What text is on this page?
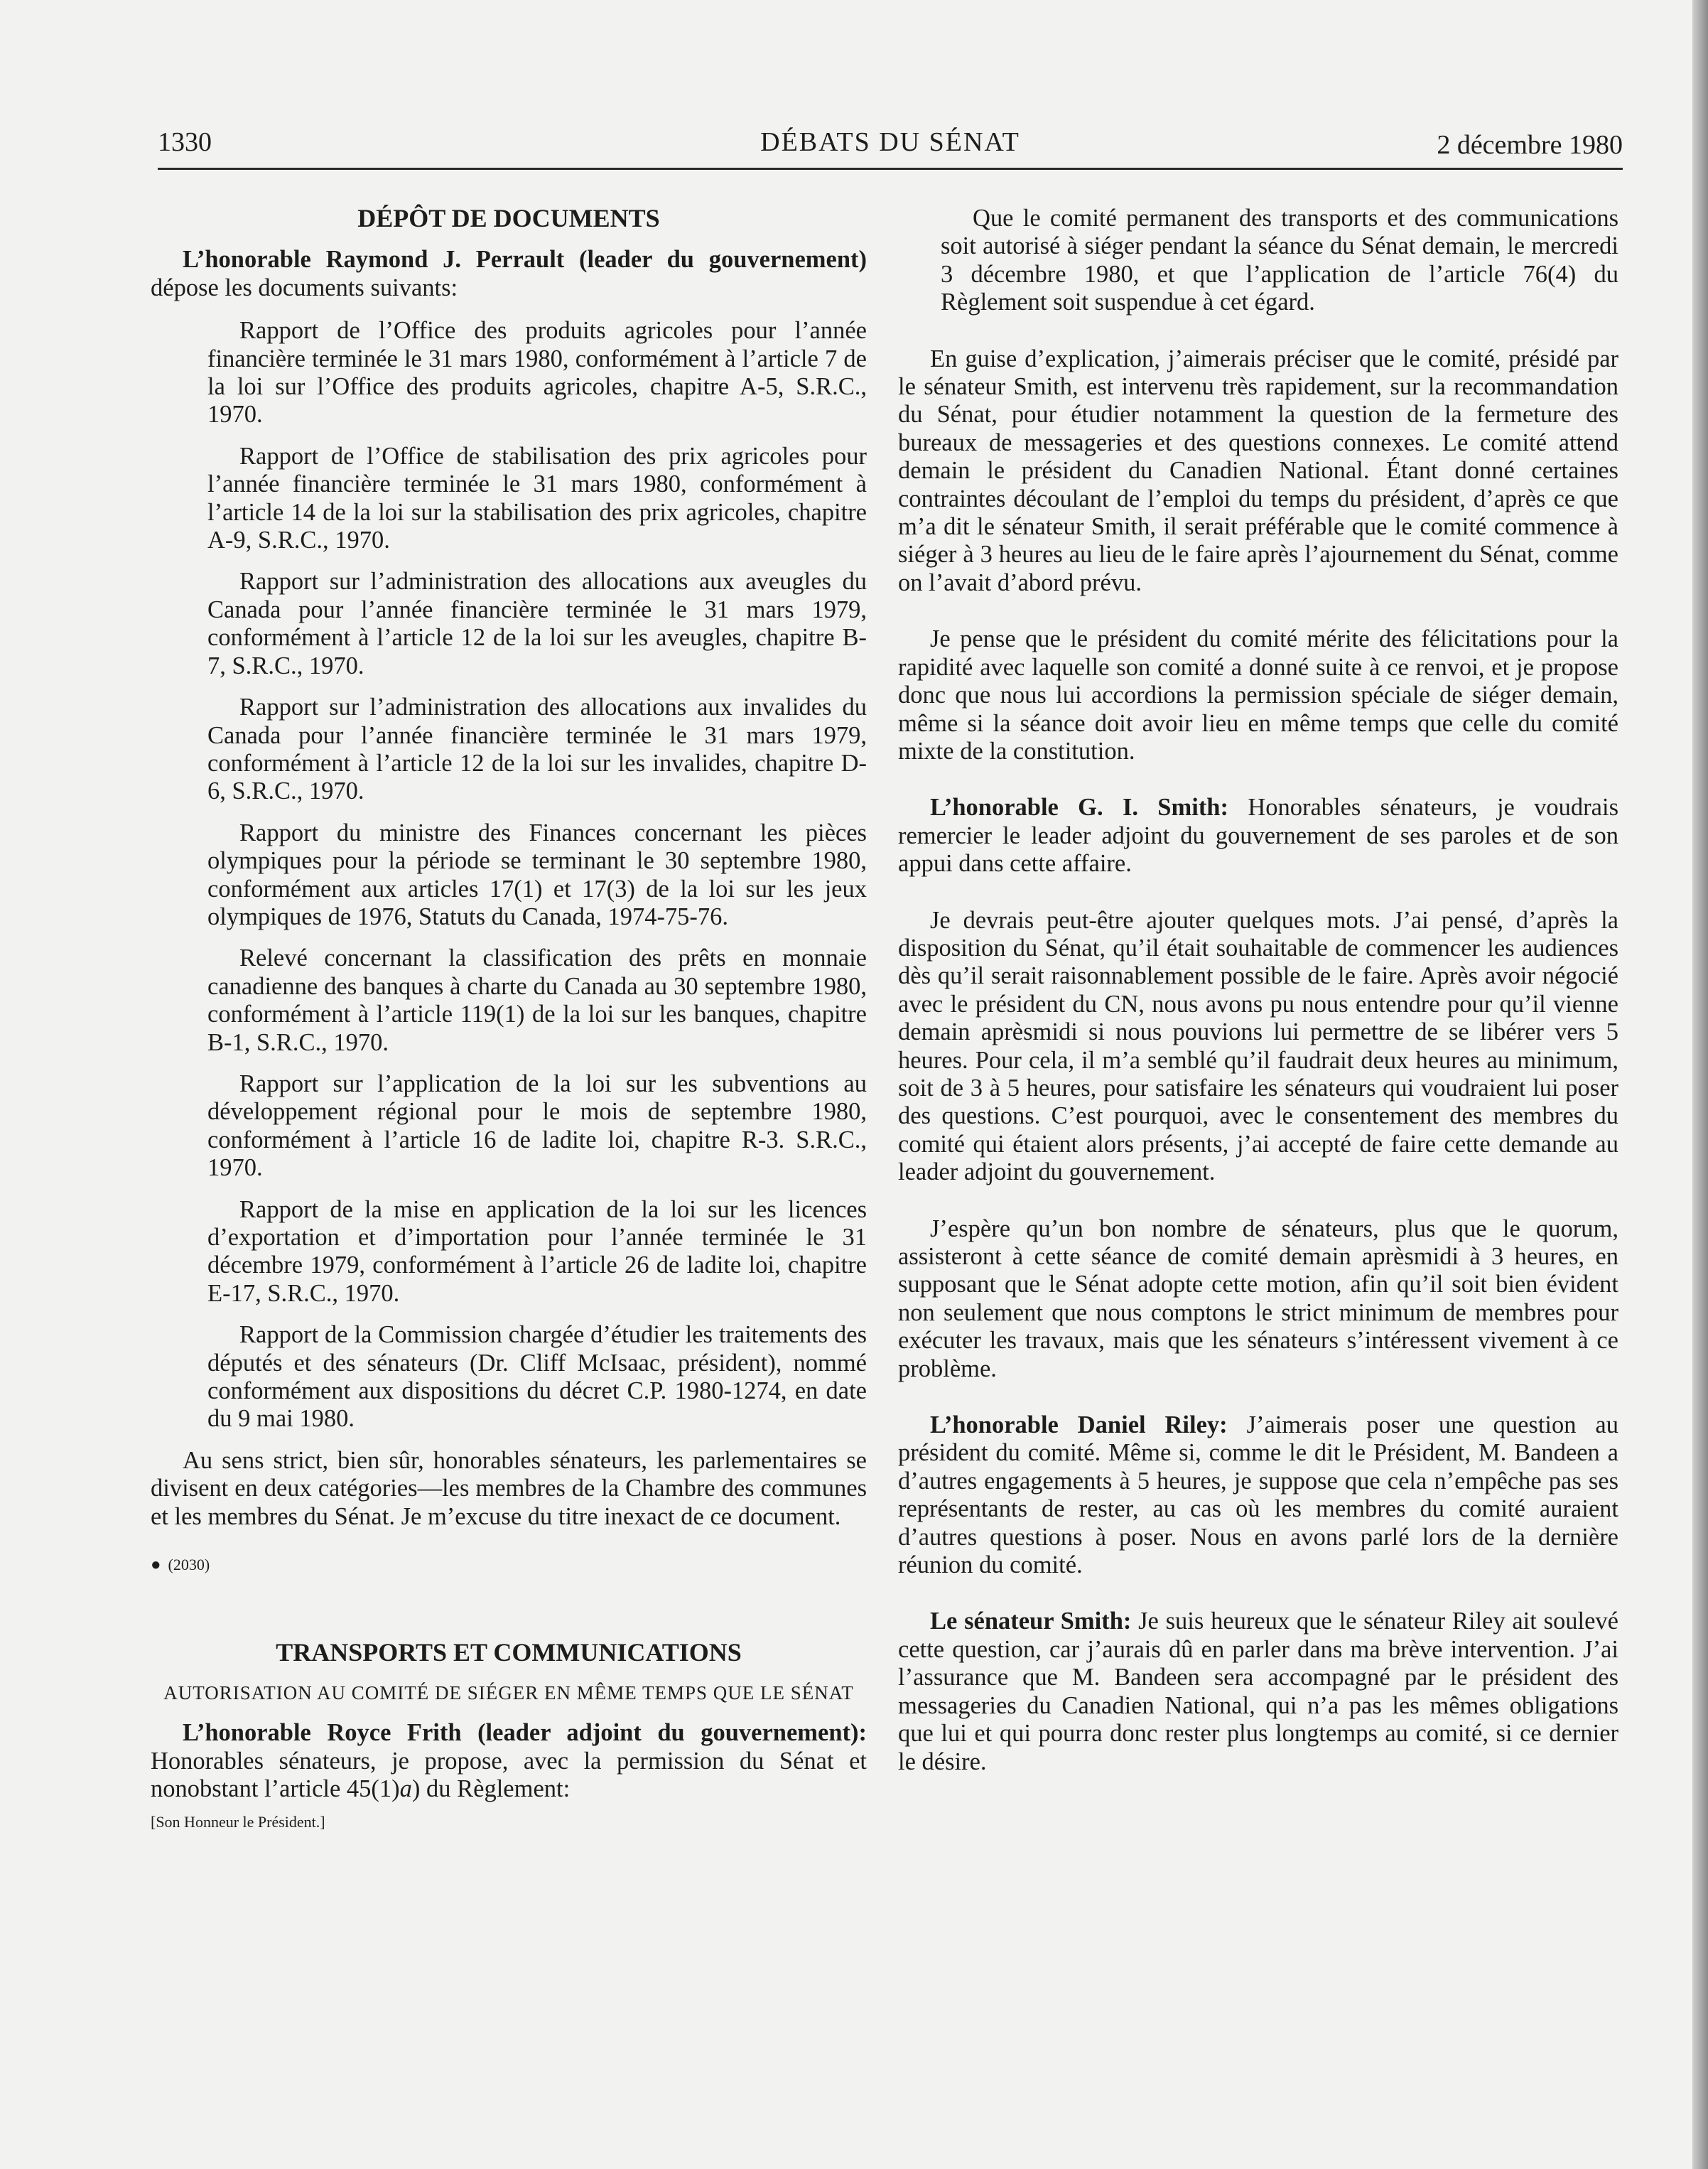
1330	DÉBATS DU SÉNAT	2 décembre 1980

DÉPÔT DE DOCUMENTS

L’honorable Raymond J. Perrault (leader du gouvernement) dépose les documents suivants:

Rapport de l’Office des produits agricoles pour l’année financière terminée le 31 mars 1980, conformément à l’article 7 de la loi sur l’Office des produits agricoles, chapitre A-5, S.R.C., 1970.

Rapport de l’Office de stabilisation des prix agricoles pour l’année financière terminée le 31 mars 1980, conformément à l’article 14 de la loi sur la stabilisation des prix agricoles, chapitre A-9, S.R.C., 1970.

Rapport sur l’administration des allocations aux aveugles du Canada pour l’année financière terminée le 31 mars 1979, conformément à l’article 12 de la loi sur les aveugles, chapitre B-7, S.R.C., 1970.

Rapport sur l’administration des allocations aux invalides du Canada pour l’année financière terminée le 31 mars 1979, conformément à l’article 12 de la loi sur les invalides, chapitre D-6, S.R.C., 1970.

Rapport du ministre des Finances concernant les pièces olympiques pour la période se terminant le 30 septembre 1980, conformément aux articles 17(1) et 17(3) de la loi sur les jeux olympiques de 1976, Statuts du Canada, 1974-75-76.

Relevé concernant la classification des prêts en monnaie canadienne des banques à charte du Canada au 30 septembre 1980, conformément à l’article 119(1) de la loi sur les banques, chapitre B-1, S.R.C., 1970.

Rapport sur l’application de la loi sur les subventions au développement régional pour le mois de septembre 1980, conformément à l’article 16 de ladite loi, chapitre R-3. S.R.C., 1970.

Rapport de la mise en application de la loi sur les licences d’exportation et d’importation pour l’année terminée le 31 décembre 1979, conformément à l’article 26 de ladite loi, chapitre E-17, S.R.C., 1970.

Rapport de la Commission chargée d’étudier les traitements des députés et des sénateurs (Dr. Cliff McIsaac, président), nommé conformément aux dispositions du décret C.P. 1980-1274, en date du 9 mai 1980.

Au sens strict, bien sûr, honorables sénateurs, les parlementaires se divisent en deux catégories—les membres de la Chambre des communes et les membres du Sénat. Je m’excuse du titre inexact de ce document.

● (2030)

TRANSPORTS ET COMMUNICATIONS

AUTORISATION AU COMITÉ DE SIÉGER EN MÊME TEMPS QUE LE SÉNAT

L’honorable Royce Frith (leader adjoint du gouvernement): Honorables sénateurs, je propose, avec la permission du Sénat et nonobstant l’article 45(1)a) du Règlement:

[Son Honneur le Président.]

Que le comité permanent des transports et des communications soit autorisé à siéger pendant la séance du Sénat demain, le mercredi 3 décembre 1980, et que l’application de l’article 76(4) du Règlement soit suspendue à cet égard.

En guise d’explication, j’aimerais préciser que le comité, présidé par le sénateur Smith, est intervenu très rapidement, sur la recommandation du Sénat, pour étudier notamment la question de la fermeture des bureaux de messageries et des questions connexes. Le comité attend demain le président du Canadien National. Étant donné certaines contraintes découlant de l’emploi du temps du président, d’après ce que m’a dit le sénateur Smith, il serait préférable que le comité commence à siéger à 3 heures au lieu de le faire après l’ajournement du Sénat, comme on l’avait d’abord prévu.

Je pense que le président du comité mérite des félicitations pour la rapidité avec laquelle son comité a donné suite à ce renvoi, et je propose donc que nous lui accordions la permission spéciale de siéger demain, même si la séance doit avoir lieu en même temps que celle du comité mixte de la constitution.

L’honorable G. I. Smith: Honorables sénateurs, je voudrais remercier le leader adjoint du gouvernement de ses paroles et de son appui dans cette affaire.

Je devrais peut-être ajouter quelques mots. J’ai pensé, d’après la disposition du Sénat, qu’il était souhaitable de commencer les audiences dès qu’il serait raisonnablement possible de le faire. Après avoir négocié avec le président du CN, nous avons pu nous entendre pour qu’il vienne demain aprèsmidi si nous pouvions lui permettre de se libérer vers 5 heures. Pour cela, il m’a semblé qu’il faudrait deux heures au minimum, soit de 3 à 5 heures, pour satisfaire les sénateurs qui voudraient lui poser des questions. C’est pourquoi, avec le consentement des membres du comité qui étaient alors présents, j’ai accepté de faire cette demande au leader adjoint du gouvernement.

J’espère qu’un bon nombre de sénateurs, plus que le quorum, assisteront à cette séance de comité demain aprèsmidi à 3 heures, en supposant que le Sénat adopte cette motion, afin qu’il soit bien évident non seulement que nous comptons le strict minimum de membres pour exécuter les travaux, mais que les sénateurs s’intéressent vivement à ce problème.

L’honorable Daniel Riley: J’aimerais poser une question au président du comité. Même si, comme le dit le Président, M. Bandeen a d’autres engagements à 5 heures, je suppose que cela n’empêche pas ses représentants de rester, au cas où les membres du comité auraient d’autres questions à poser. Nous en avons parlé lors de la dernière réunion du comité.

Le sénateur Smith: Je suis heureux que le sénateur Riley ait soulevé cette question, car j’aurais dû en parler dans ma brève intervention. J’ai l’assurance que M. Bandeen sera accompagné par le président des messageries du Canadien National, qui n’a pas les mêmes obligations que lui et qui pourra donc rester plus longtemps au comité, si ce dernier le désire.
